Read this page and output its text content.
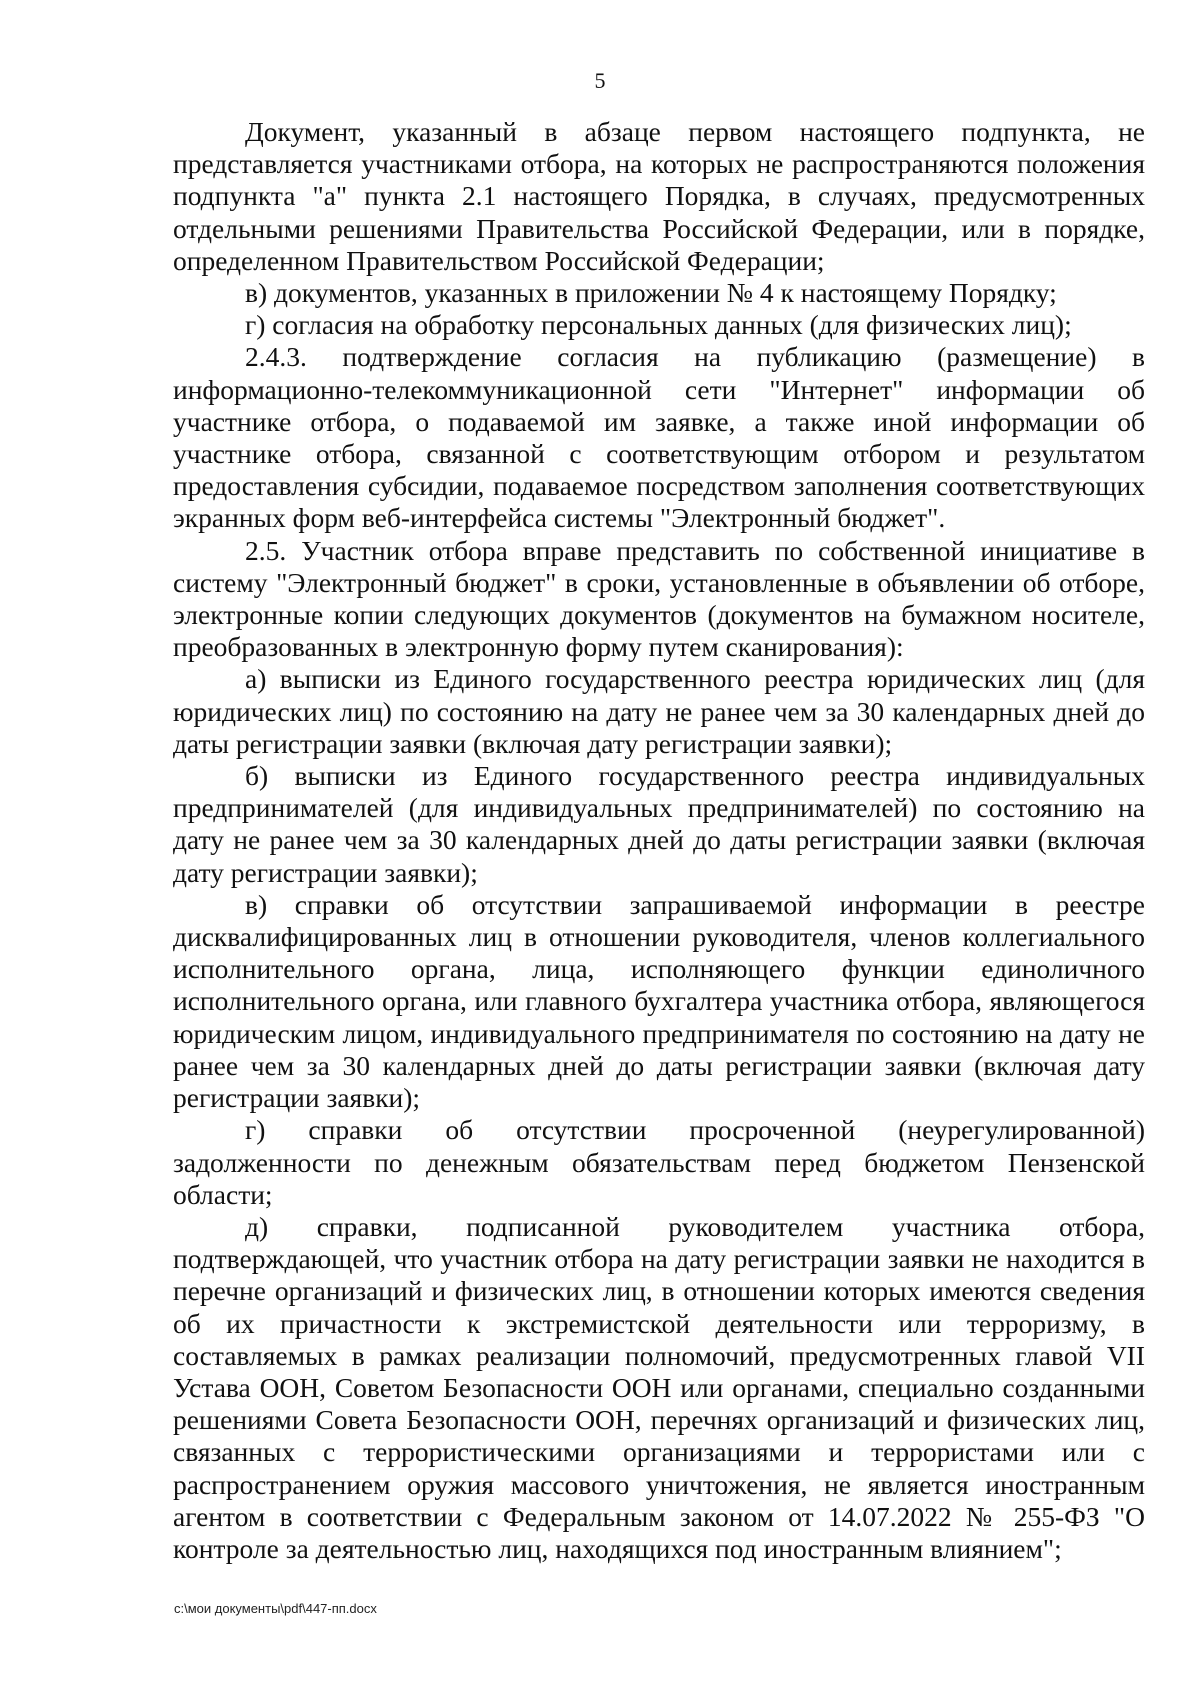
5

Документ, указанный в абзаце первом настоящего подпункта, не представляется участниками отбора, на которых не распространяются положения подпункта "а" пункта 2.1 настоящего Порядка, в случаях, предусмотренных отдельными решениями Правительства Российской Федерации, или в порядке, определенном Правительством Российской Федерации;

в) документов, указанных в приложении № 4 к настоящему Порядку;

г) согласия на обработку персональных данных (для физических лиц);

2.4.3. подтверждение согласия на публикацию (размещение) в информационно-телекоммуникационной сети "Интернет" информации об участнике отбора, о подаваемой им заявке, а также иной информации об участнике отбора, связанной с соответствующим отбором и результатом предоставления субсидии, подаваемое посредством заполнения соответствующих экранных форм веб-интерфейса системы "Электронный бюджет".

2.5. Участник отбора вправе представить по собственной инициативе в систему "Электронный бюджет" в сроки, установленные в объявлении об отборе, электронные копии следующих документов (документов на бумажном носителе, преобразованных в электронную форму путем сканирования):

а) выписки из Единого государственного реестра юридических лиц (для юридических лиц) по состоянию на дату не ранее чем за 30 календарных дней до даты регистрации заявки (включая дату регистрации заявки);

б) выписки из Единого государственного реестра индивидуальных предпринимателей (для индивидуальных предпринимателей) по состоянию на дату не ранее чем за 30 календарных дней до даты регистрации заявки (включая дату регистрации заявки);

в) справки об отсутствии запрашиваемой информации в реестре дисквалифицированных лиц в отношении руководителя, членов коллегиального исполнительного органа, лица, исполняющего функции единоличного исполнительного органа, или главного бухгалтера участника отбора, являющегося юридическим лицом, индивидуального предпринимателя по состоянию на дату не ранее чем за 30 календарных дней до даты регистрации заявки (включая дату регистрации заявки);

г) справки об отсутствии просроченной (неурегулированной) задолженности по денежным обязательствам перед бюджетом Пензенской области;

д) справки, подписанной руководителем участника отбора, подтверждающей, что участник отбора на дату регистрации заявки не находится в перечне организаций и физических лиц, в отношении которых имеются сведения об их причастности к экстремистской деятельности или терроризму, в составляемых в рамках реализации полномочий, предусмотренных главой VII Устава ООН, Советом Безопасности ООН или органами, специально созданными решениями Совета Безопасности ООН, перечнях организаций и физических лиц, связанных с террористическими организациями и террористами или с распространением оружия массового уничтожения, не является иностранным агентом в соответствии с Федеральным законом от 14.07.2022 № 255-ФЗ "О контроле за деятельностью лиц, находящихся под иностранным влиянием";

c:\мои документы\pdf\447-пп.docx
